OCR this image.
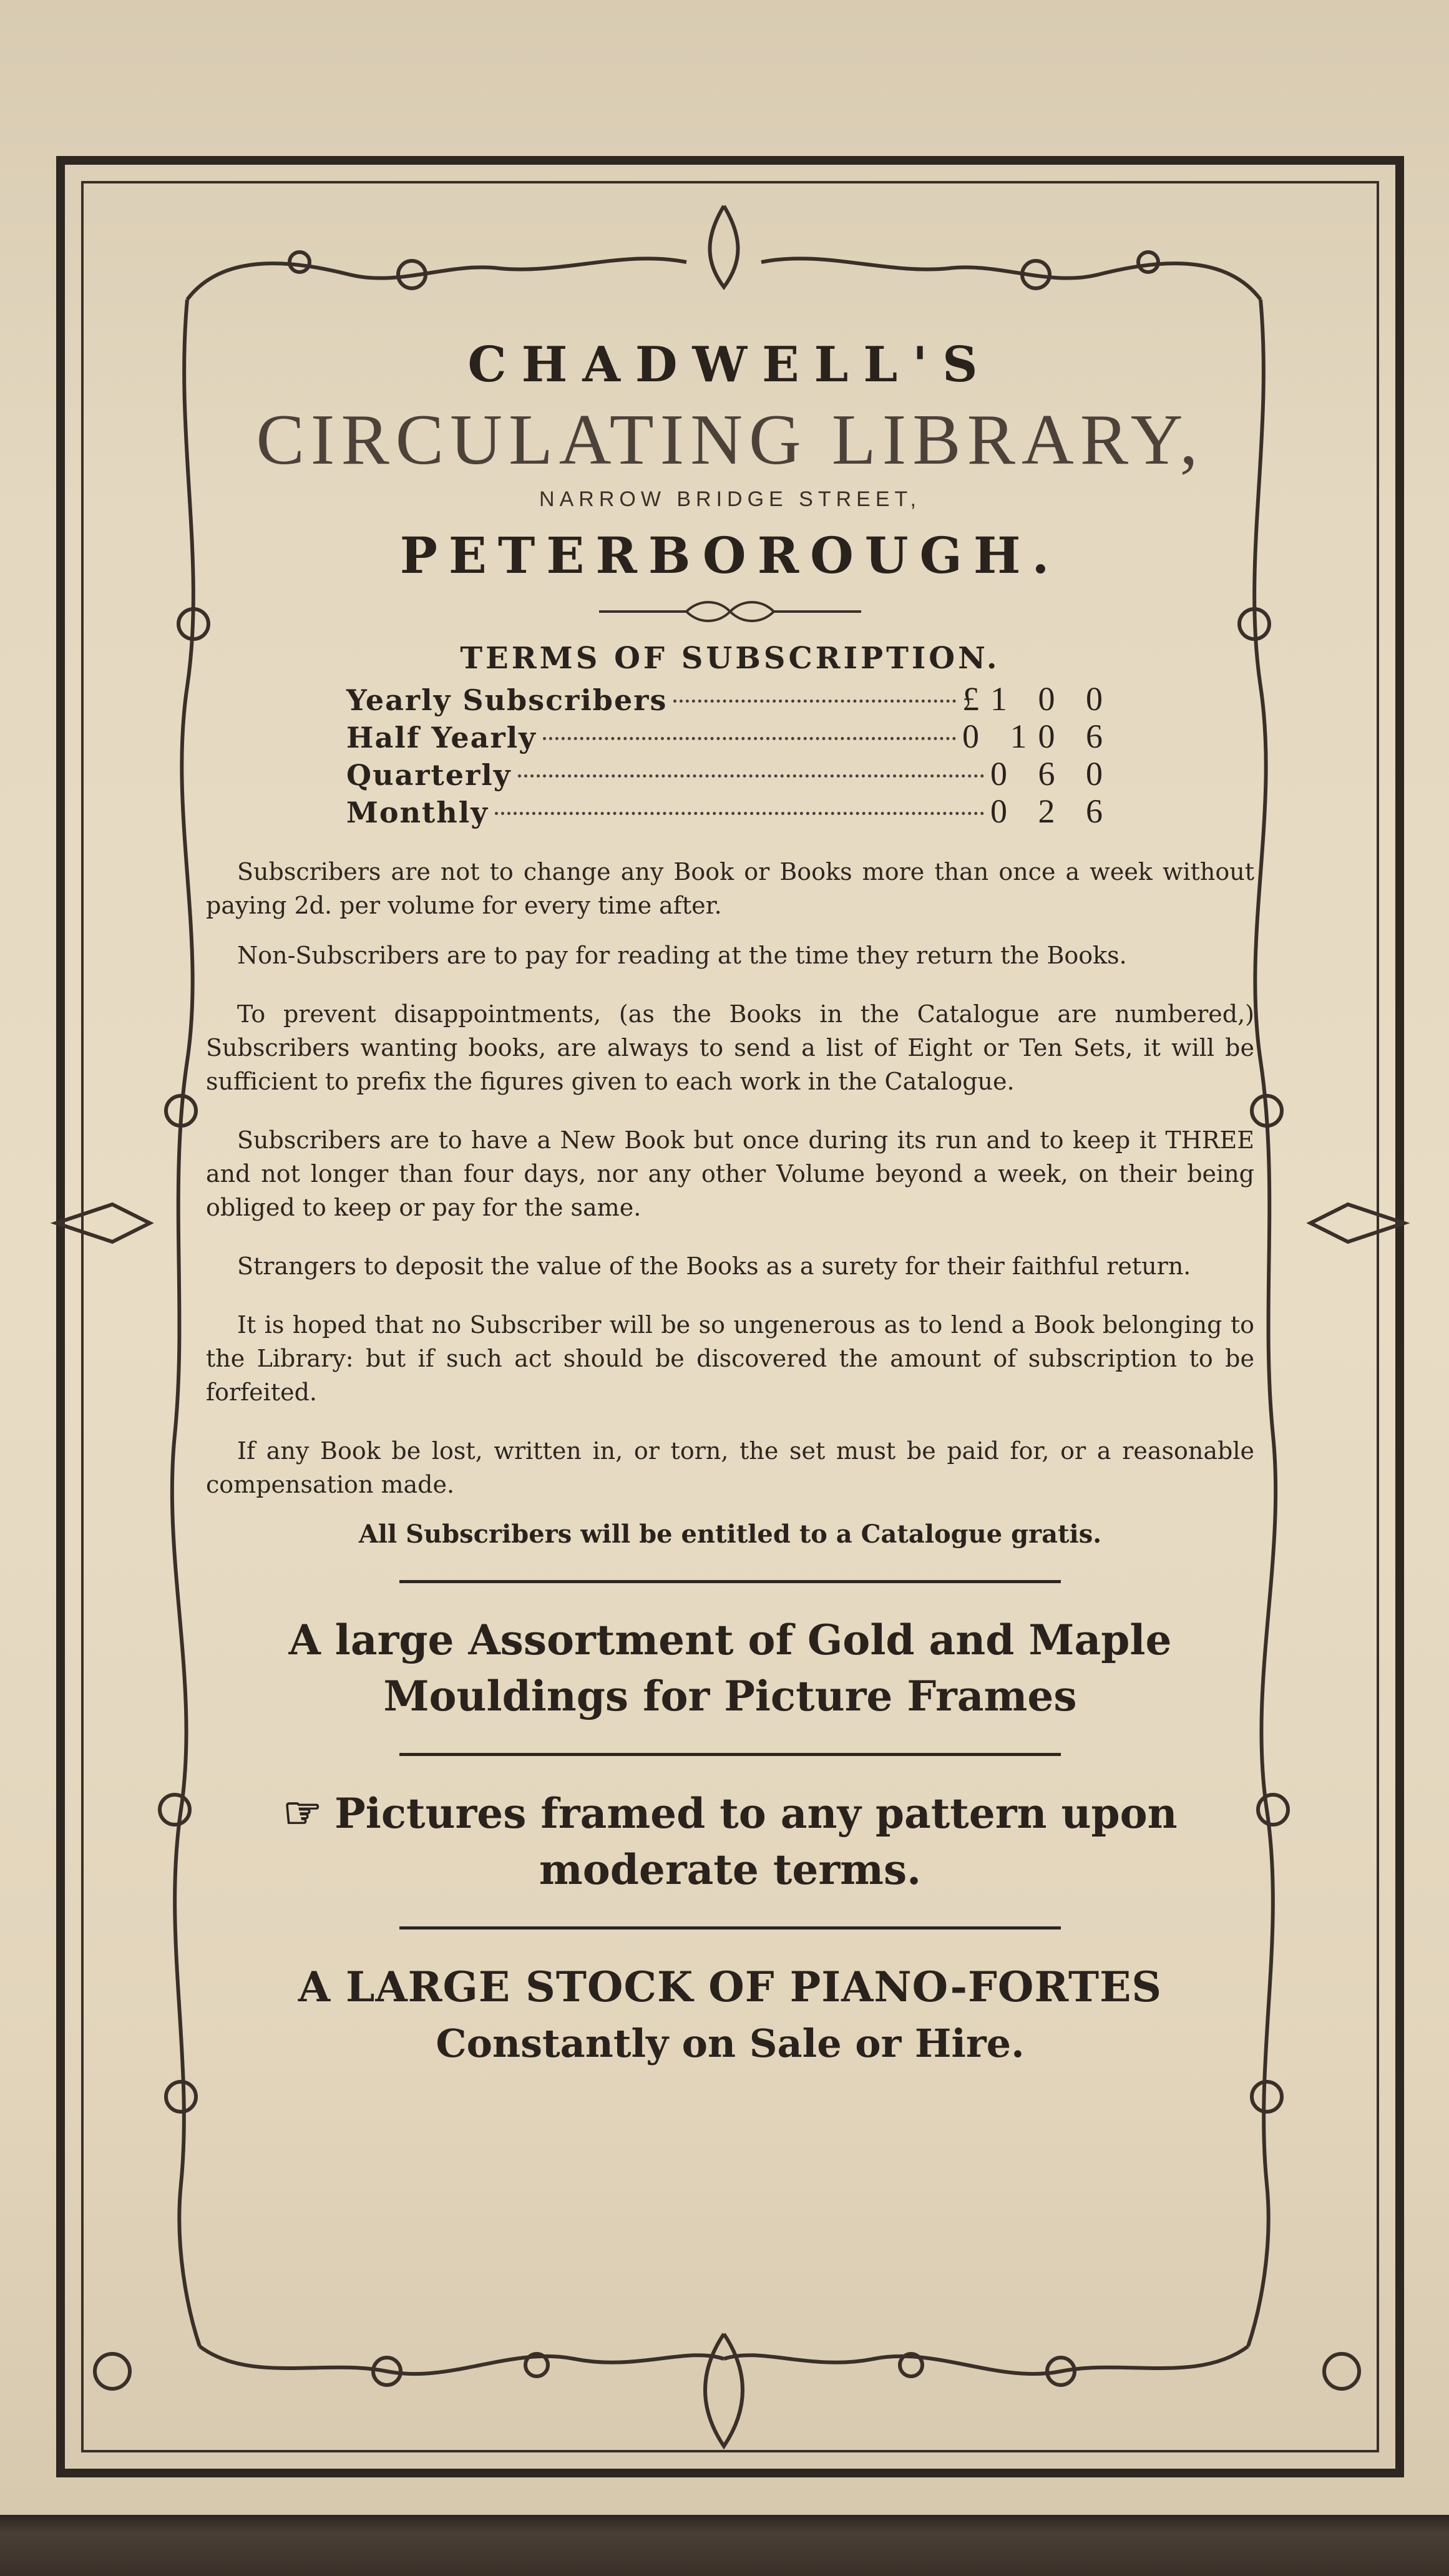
CHADWELL'S

CIRCULATING LIBRARY,

NARROW BRIDGE STREET,

PETERBOROUGH.

TERMS OF SUBSCRIPTION.

Yearly Subscribers	£1 0 0
Half Yearly	0 10 6
Quarterly	0 6 0
Monthly	0 2 6

Subscribers are not to change any Book or Books more than once a week without paying 2d. per volume for every time after.

Non-Subscribers are to pay for reading at the time they return the Books.

To prevent disappointments, (as the Books in the Catalogue are numbered,) Subscribers wanting books, are always to send a list of Eight or Ten Sets, it will be sufficient to prefix the figures given to each work in the Catalogue.

Subscribers are to have a New Book but once during its run and to keep it THREE and not longer than four days, nor any other Volume beyond a week, on their being obliged to keep or pay for the same.

Strangers to deposit the value of the Books as a surety for their faithful return.

It is hoped that no Subscriber will be so ungenerous as to lend a Book belonging to the Library: but if such act should be discovered the amount of subscription to be forfeited.

If any Book be lost, written in, or torn, the set must be paid for, or a reasonable compensation made.

All Subscribers will be entitled to a Catalogue gratis.

A large Assortment of Gold and Maple

Mouldings for Picture Frames

☞ Pictures framed to any pattern upon

moderate terms.

A LARGE STOCK OF PIANO-FORTES

Constantly on Sale or Hire.
